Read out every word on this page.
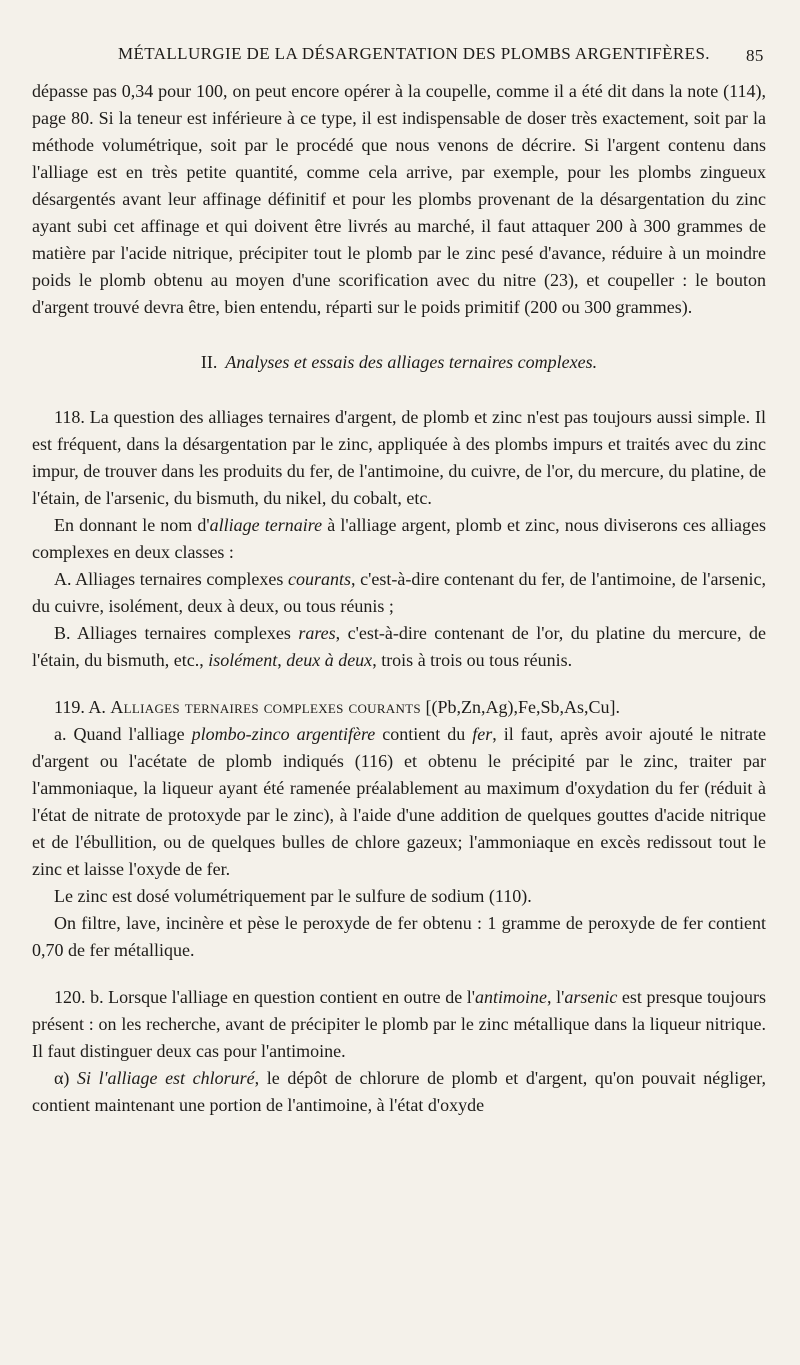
MÉTALLURGIE DE LA DÉSARGENTATION DES PLOMBS ARGENTIFÈRES. 85
dépasse pas 0,34 pour 100, on peut encore opérer à la coupelle, comme il a été dit dans la note (114), page 80. Si la teneur est inférieure à ce type, il est indispensable de doser très exactement, soit par la méthode volumétrique, soit par le procédé que nous venons de décrire. Si l'argent contenu dans l'alliage est en très petite quantité, comme cela arrive, par exemple, pour les plombs zingueux désargentés avant leur affinage définitif et pour les plombs provenant de la désargentation du zinc ayant subi cet affinage et qui doivent être livrés au marché, il faut attaquer 200 à 300 grammes de matière par l'acide nitrique, précipiter tout le plomb par le zinc pesé d'avance, réduire à un moindre poids le plomb obtenu au moyen d'une scorification avec du nitre (23), et coupeller : le bouton d'argent trouvé devra être, bien entendu, réparti sur le poids primitif (200 ou 300 grammes).
II. Analyses et essais des alliages ternaires complexes.
118. La question des alliages ternaires d'argent, de plomb et zinc n'est pas toujours aussi simple. Il est fréquent, dans la désargentation par le zinc, appliquée à des plombs impurs et traités avec du zinc impur, de trouver dans les produits du fer, de l'antimoine, du cuivre, de l'or, du mercure, du platine, de l'étain, de l'arsenic, du bismuth, du nikel, du cobalt, etc.
En donnant le nom d'alliage ternaire à l'alliage argent, plomb et zinc, nous diviserons ces alliages complexes en deux classes :
A. Alliages ternaires complexes courants, c'est-à-dire contenant du fer, de l'antimoine, de l'arsenic, du cuivre, isolément, deux à deux, ou tous réunis ;
B. Alliages ternaires complexes rares, c'est-à-dire contenant de l'or, du platine du mercure, de l'étain, du bismuth, etc., isolément, deux à deux, trois à trois ou tous réunis.
119. A. Alliages ternaires complexes courants [(Pb,Zn,Ag),Fe,Sb,As,Cu].
a. Quand l'alliage plombo-zinco argentifère contient du fer, il faut, après avoir ajouté le nitrate d'argent ou l'acétate de plomb indiqués (116) et obtenu le précipité par le zinc, traiter par l'ammoniaque, la liqueur ayant été ramenée préalablement au maximum d'oxydation du fer (réduit à l'état de nitrate de protoxyde par le zinc), à l'aide d'une addition de quelques gouttes d'acide nitrique et de l'ébullition, ou de quelques bulles de chlore gazeux; l'ammoniaque en excès redissout tout le zinc et laisse l'oxyde de fer.
Le zinc est dosé volumétriquement par le sulfure de sodium (110).
On filtre, lave, incinère et pèse le peroxyde de fer obtenu : 1 gramme de peroxyde de fer contient 0,70 de fer métallique.
120. b. Lorsque l'alliage en question contient en outre de l'antimoine, l'arsenic est presque toujours présent : on les recherche, avant de précipiter le plomb par le zinc métallique dans la liqueur nitrique. Il faut distinguer deux cas pour l'antimoine.
α) Si l'alliage est chloruré, le dépôt de chlorure de plomb et d'argent, qu'on pouvait négliger, contient maintenant une portion de l'antimoine, à l'état d'oxyde
